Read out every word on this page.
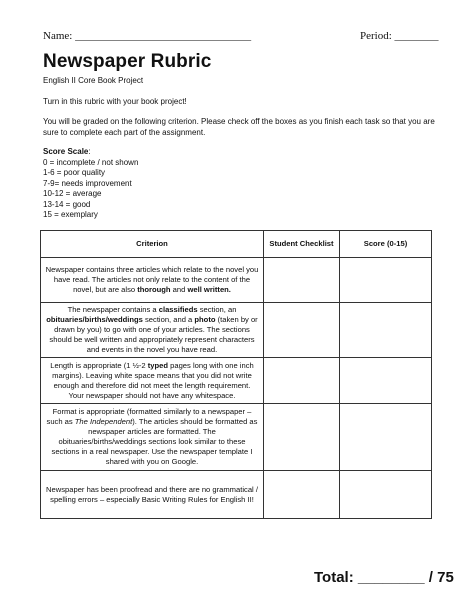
Name: ________________________________	Period: ________
Newspaper Rubric
English II Core Book Project
Turn in this rubric with your book project!
You will be graded on the following criterion. Please check off the boxes as you finish each task so that you are sure to complete each part of the assignment.
Score Scale:
0 = incomplete / not shown
1-6 = poor quality
7-9= needs improvement
10-12 = average
13-14 = good
15 = exemplary
Criterion	Student Checklist	Score (0-15)
Newspaper contains three articles which relate to the novel you have read. The articles not only relate to the content of the novel, but are also thorough and well written.		
The newspaper contains a classifieds section, an obituaries/births/weddings section, and a photo (taken by or drawn by you) to go with one of your articles. The sections should be well written and appropriately represent characters and events in the novel you have read.		
Length is appropriate (1 ½-2 typed pages long with one inch margins). Leaving white space means that you did not write enough and therefore did not meet the length requirement. Your newspaper should not have any whitespace.		
Format is appropriate (formatted similarly to a newspaper – such as The Independent). The articles should be formatted as newspaper articles are formatted. The obituaries/births/weddings sections look similar to these sections in a real newspaper. Use the newspaper template I shared with you on Google.		
Newspaper has been proofread and there are no grammatical / spelling errors – especially Basic Writing Rules for English II!		
Total: ________ / 75
